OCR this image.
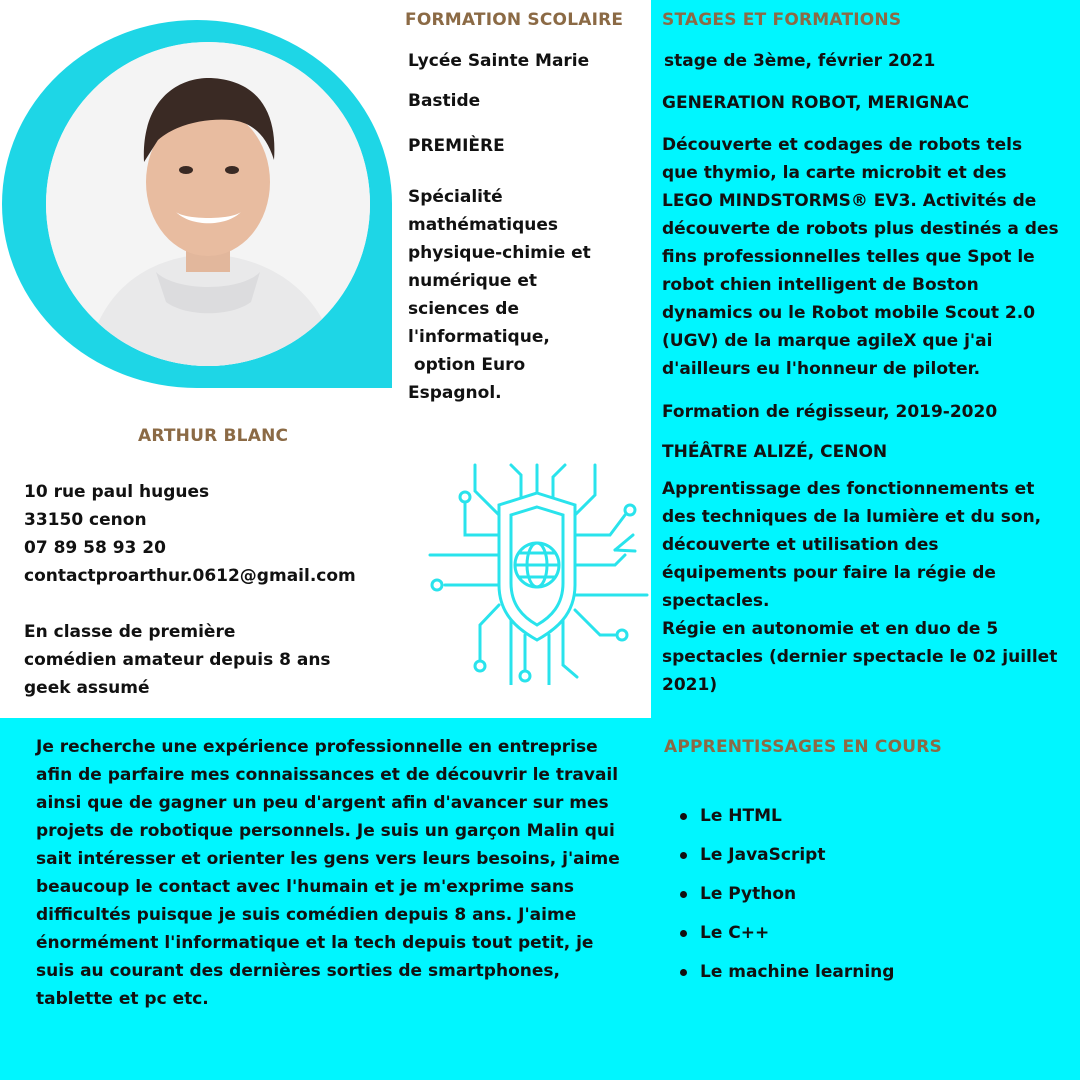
ARTHUR BLANC
10 rue paul hugues
33150 cenon
07 89 58 93 20
contactproarthur.0612@gmail.com
En classe de première
comédien amateur depuis 8 ans
geek assumé
FORMATION SCOLAIRE
Lycée Sainte Marie
Bastide
PREMIÈRE
Spécialité
mathématiques
physique-chimie et
numérique et
sciences de
l'informatique,
option Euro
Espagnol.
STAGES ET FORMATIONS
stage de 3ème, février 2021
GENERATION ROBOT, MERIGNAC
Découverte et codages de robots tels
que thymio, la carte microbit et des
LEGO MINDSTORMS® EV3. Activités de
découverte de robots plus destinés a des
fins professionnelles telles que Spot le
robot chien intelligent de Boston
dynamics ou le Robot mobile Scout 2.0
(UGV) de la marque agileX que j'ai
d'ailleurs eu l'honneur de piloter.
Formation de régisseur, 2019-2020
THÉÂTRE ALIZÉ, CENON
Apprentissage des fonctionnements et
des techniques de la lumière et du son,
découverte et utilisation des
équipements pour faire la régie de
spectacles.
Régie en autonomie et en duo de 5
spectacles (dernier spectacle le 02 juillet
2021)
Je recherche une expérience professionnelle en entreprise
afin de parfaire mes connaissances et de découvrir le travail
ainsi que de gagner un peu d'argent afin d'avancer sur mes
projets de robotique personnels. Je suis un garçon Malin qui
sait intéresser et orienter les gens vers leurs besoins, j'aime
beaucoup le contact avec l'humain et je m'exprime sans
difficultés puisque je suis comédien depuis 8 ans. J'aime
énormément l'informatique et la tech depuis tout petit, je
suis au courant des dernières sorties de smartphones,
tablette et pc etc.
APPRENTISSAGES EN COURS
Le HTML
Le JavaScript
Le Python
Le C++
Le machine learning
